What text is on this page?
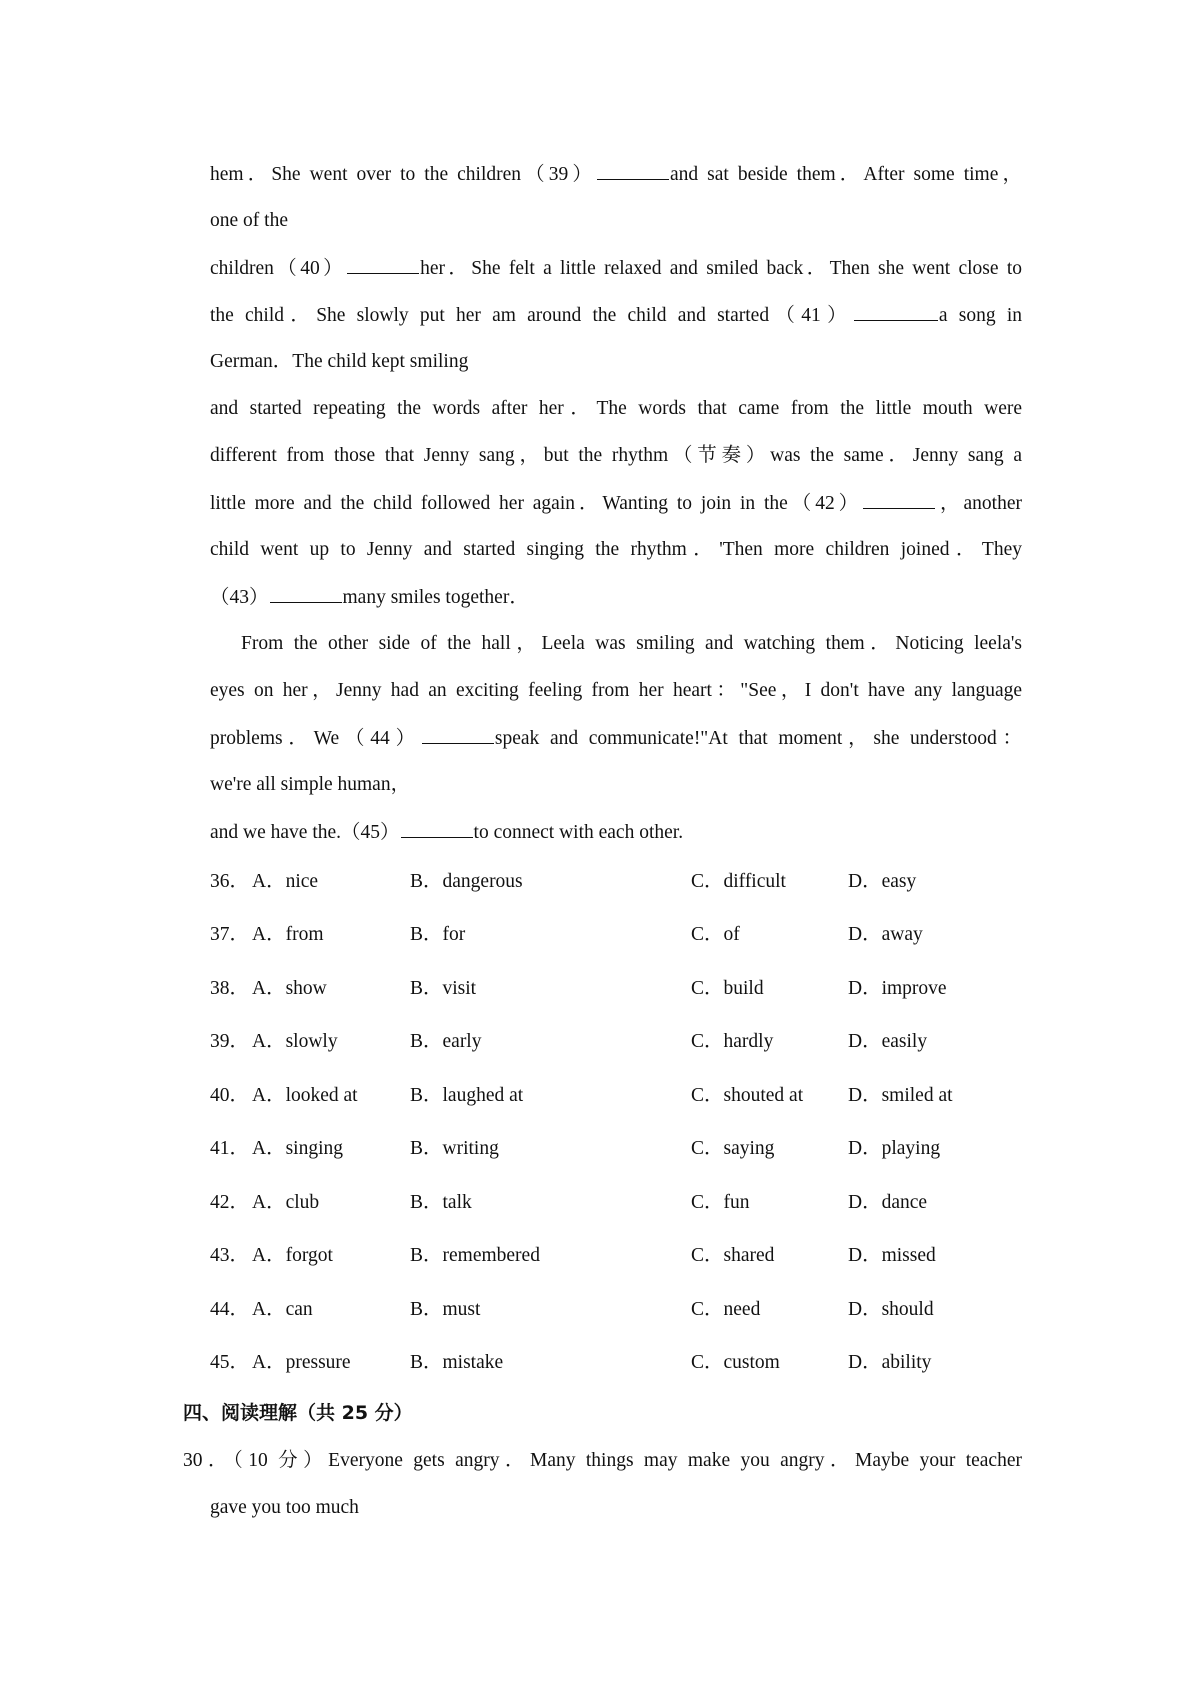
hem．She went over to the children（39）	and sat beside them．After some time，
one of the
children（40）	her．She felt a little relaxed and smiled back．Then she went close to
the child．She slowly put her am around the child and started（41）	a song in
German．The child kept smiling
and started repeating the words after her．The words that came from the little mouth were
different from those that Jenny sang，but the rhythm（节奏）was the same．Jenny sang a
little more and the child followed her again．Wanting to join in the（42）	，another
child went up to Jenny and started singing the rhythm．'Then more children joined．They
（43）	many smiles together．
From the other side of the hall，Leela was smiling and watching them．Noticing leela's
eyes on her，Jenny had an exciting feeling from her heart："See，I don't have any language
problems．We（44）	speak and communicate!"At that moment，she understood：
we're all simple human，
and we have the.（45）	to connect with each other.
36． A．nice	B．dangerous	C．difficult	D．easy
37． A．from	B．for	C．of	D．away
38． A．show	B．visit	C．build	D．improve
39． A．slowly	B．early	C．hardly	D．easily
40． A．looked at	B．laughed at	C．shouted at D．smiled at
41． A．singing	B．writing	C．saying	D．playing
42． A．club	B．talk	C．fun	D．dance
43． A．forgot	B．remembered	C．shared	D．missed
44． A．can	B．must	C．need	D．should
45． A．pressure	B．mistake	C．custom	D．ability
四、阅读理解（共 25 分）
30．（10 分）Everyone gets angry．Many things may make you angry．Maybe your teacher
gave you too much
